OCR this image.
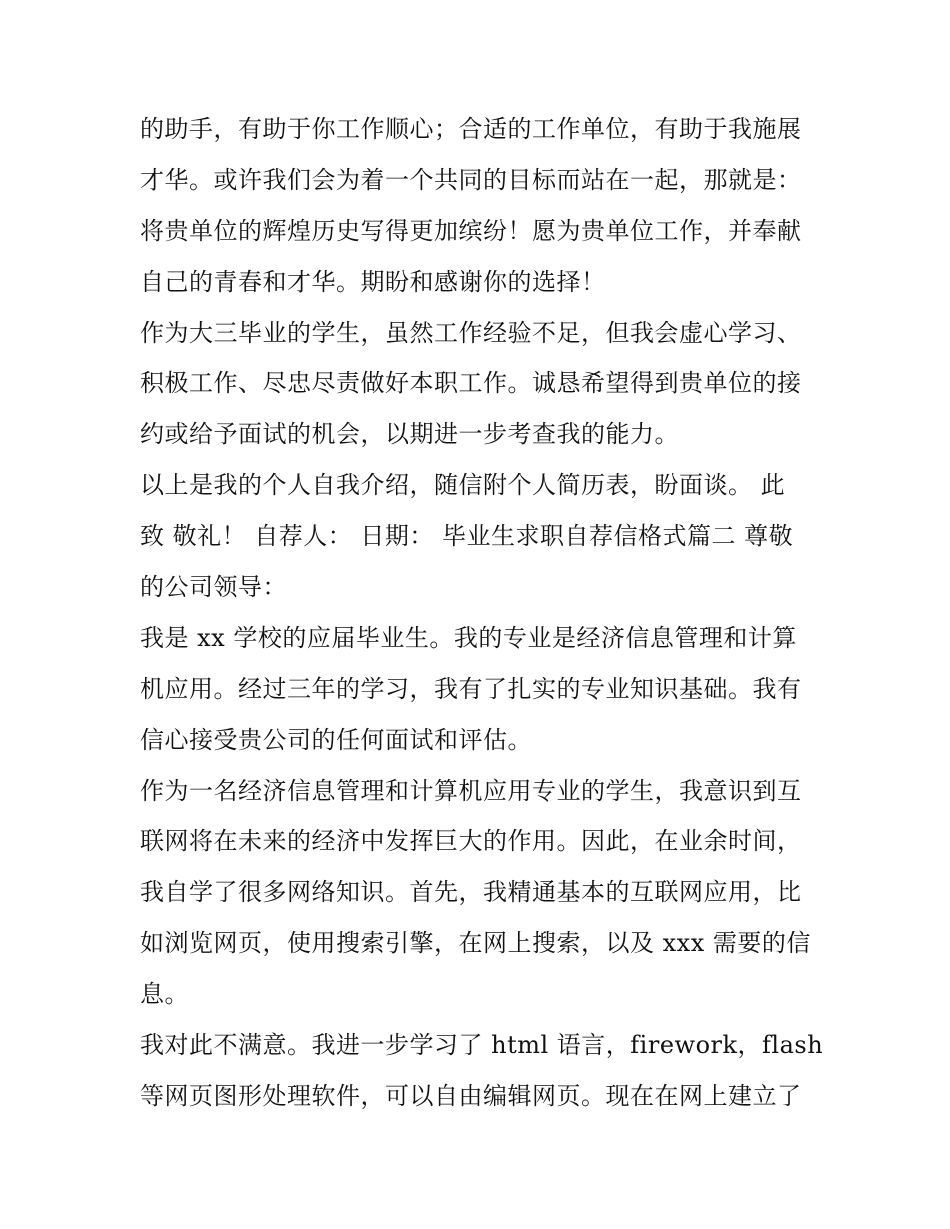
的助手，有助于你工作顺心；合适的工作单位，有助于我施展
才华。或许我们会为着一个共同的目标而站在一起，那就是：
将贵单位的辉煌历史写得更加缤纷！愿为贵单位工作，并奉献
自己的青春和才华。期盼和感谢你的选择！
作为大三毕业的学生，虽然工作经验不足，但我会虚心学习、
积极工作、尽忠尽责做好本职工作。诚恳希望得到贵单位的接
约或给予面试的机会，以期进一步考查我的能力。
以上是我的个人自我介绍，随信附个人简历表，盼面谈。 此
致 敬礼！ 自荐人： 日期： 毕业生求职自荐信格式篇二 尊敬
的公司领导：
我是 xx 学校的应届毕业生。我的专业是经济信息管理和计算
机应用。经过三年的学习，我有了扎实的专业知识基础。我有
信心接受贵公司的任何面试和评估。
作为一名经济信息管理和计算机应用专业的学生，我意识到互
联网将在未来的经济中发挥巨大的作用。因此，在业余时间，
我自学了很多网络知识。首先，我精通基本的互联网应用，比
如浏览网页，使用搜索引擎，在网上搜索，以及 xxx 需要的信
息。
我对此不满意。我进一步学习了 html 语言，firework，flash
等网页图形处理软件，可以自由编辑网页。现在在网上建立了
